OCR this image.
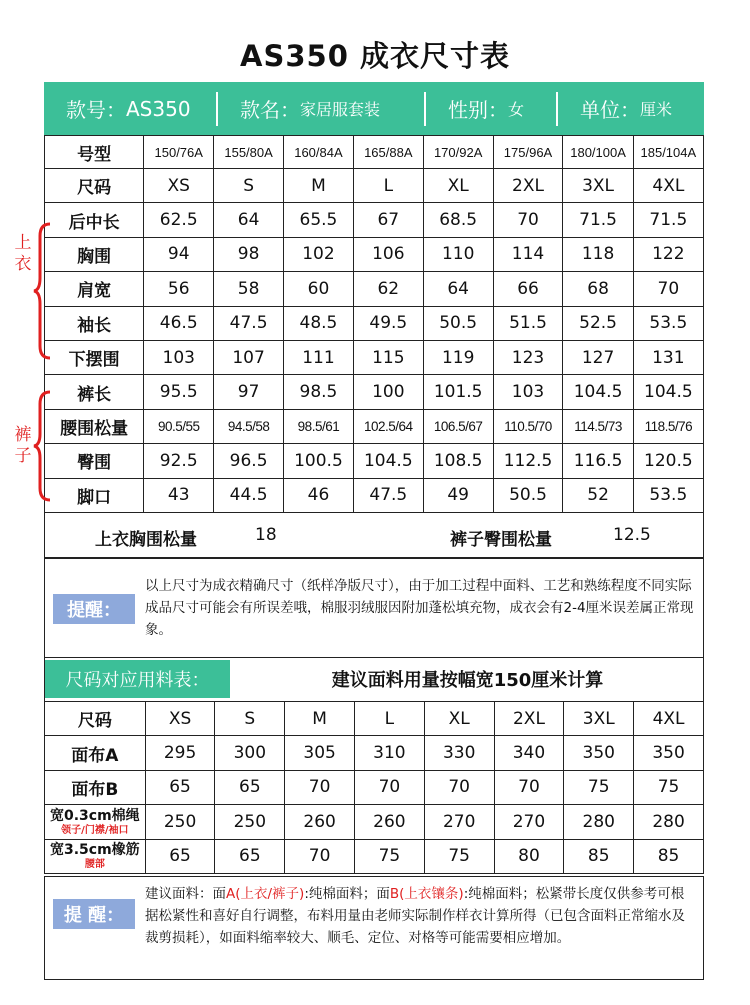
AS350 成衣尺寸表
款号： AS350 款名： 家居服套装	性别： 女	单位： 厘米
号型	150/76A	155/80A	160/84A	165/88A	170/92A	175/96A	180/100A	185/104A
尺码	XS	S	M	L	XL	2XL	3XL	4XL
后中长	62.5	64	65.5	67	68.5	70	71.5	71.5
胸围	94	98	102	106	110	114	118	122
肩宽	56	58	60	62	64	66	68	70
袖长	46.5	47.5	48.5	49.5	50.5	51.5	52.5	53.5
下摆围	103	107	111	115	119	123	127	131
裤长	95.5	97	98.5	100	101.5	103	104.5	104.5
腰围松量	90.5/55	94.5/58	98.5/61	102.5/64	106.5/67	110.5/70	114.5/73	118.5/76
臀围	92.5	96.5	100.5	104.5	108.5	112.5	116.5	120.5
脚口	43	44.5	46	47.5	49	50.5	52	53.5
上衣
裤子
上衣胸围松量	18	裤子臀围松量	12.5
提醒：
以上尺寸为成衣精确尺寸（纸样净版尺寸），由于加工过程中面料、工艺和熟练程度不同实际成品尺寸可能会有所误差哦，棉服羽绒服因附加蓬松填充物，成衣会有2-4厘米误差属正常现象。
尺码对应用料表：	建议面料用量按幅宽150厘米计算
尺码	XS	S	M	L	XL	2XL	3XL	4XL
面布A	295	300	305	310	330	340	350	350
面布B	65	65	70	70	70	70	75	75

宽0.3cm棉绳
领子/门襟/袖口	250	250	260	260	270	270	280	280

宽3.5cm橡筋
腰部	65	65	70	75	75	80	85	85
提 醒：
建议面料：面A(上衣/裤子):纯棉面料；面B(上衣镶条):纯棉面料；松紧带长度仅供参考可根据松紧性和喜好自行调整，布料用量由老师实际制作样衣计算所得（已包含面料正常缩水及裁剪损耗），如面料缩率较大、顺毛、定位、对格等可能需要相应增加。
